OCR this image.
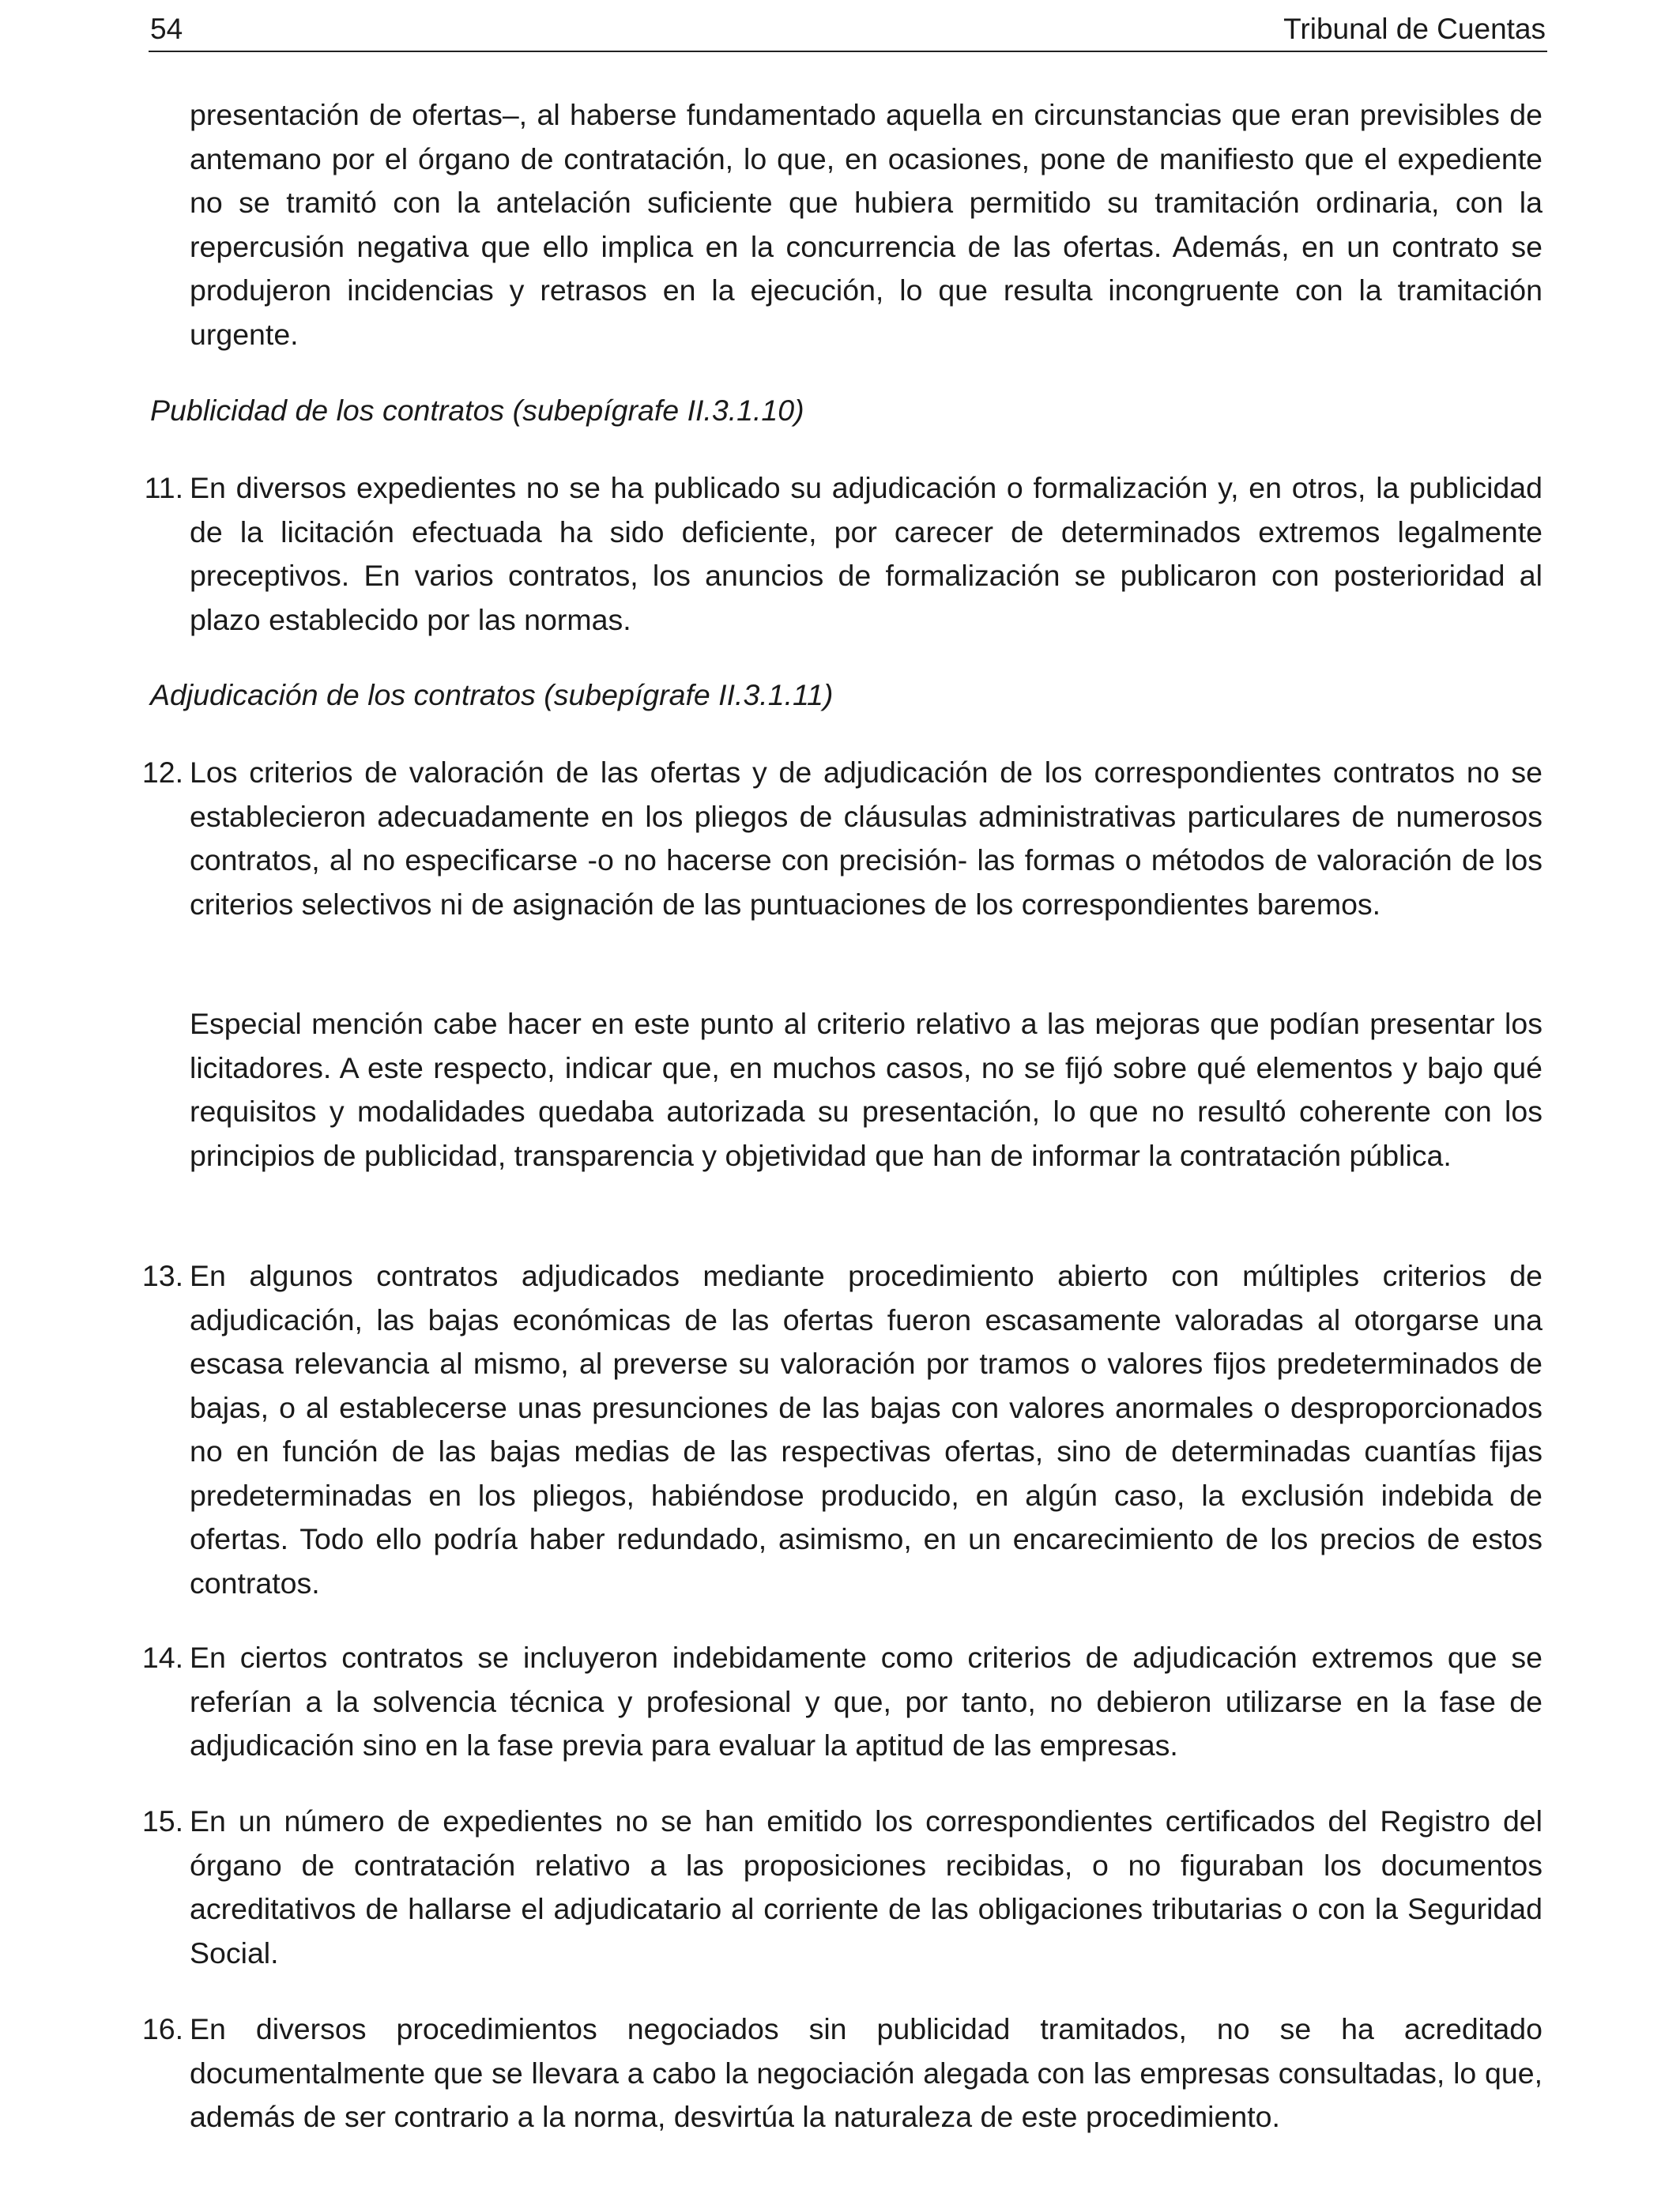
54	Tribunal de Cuentas
presentación de ofertas–, al haberse fundamentado aquella en circunstancias que eran previsibles de antemano por el órgano de contratación, lo que, en ocasiones, pone de manifiesto que el expediente no se tramitó con la antelación suficiente que hubiera permitido su tramitación ordinaria, con la repercusión negativa que ello implica en la concurrencia de las ofertas. Además, en un contrato se produjeron incidencias y retrasos en la ejecución, lo que resulta incongruente con la tramitación urgente.
Publicidad de los contratos (subepígrafe II.3.1.10)
11. En diversos expedientes no se ha publicado su adjudicación o formalización y, en otros, la publicidad de la licitación efectuada ha sido deficiente, por carecer de determinados extremos legalmente preceptivos. En varios contratos, los anuncios de formalización se publicaron con posterioridad al plazo establecido por las normas.
Adjudicación de los contratos (subepígrafe II.3.1.11)
12. Los criterios de valoración de las ofertas y de adjudicación de los correspondientes contratos no se establecieron adecuadamente en los pliegos de cláusulas administrativas particulares de numerosos contratos, al no especificarse -o no hacerse con precisión- las formas o métodos de valoración de los criterios selectivos ni de asignación de las puntuaciones de los correspondientes baremos.
Especial mención cabe hacer en este punto al criterio relativo a las mejoras que podían presentar los licitadores. A este respecto, indicar que, en muchos casos, no se fijó sobre qué elementos y bajo qué requisitos y modalidades quedaba autorizada su presentación, lo que no resultó coherente con los principios de publicidad, transparencia y objetividad que han de informar la contratación pública.
13. En algunos contratos adjudicados mediante procedimiento abierto con múltiples criterios de adjudicación, las bajas económicas de las ofertas fueron escasamente valoradas al otorgarse una escasa relevancia al mismo, al preverse su valoración por tramos o valores fijos predeterminados de bajas, o al establecerse unas presunciones de las bajas con valores anormales o desproporcionados no en función de las bajas medias de las respectivas ofertas, sino de determinadas cuantías fijas predeterminadas en los pliegos, habiéndose producido, en algún caso, la exclusión indebida de ofertas. Todo ello podría haber redundado, asimismo, en un encarecimiento de los precios de estos contratos.
14. En ciertos contratos se incluyeron indebidamente como criterios de adjudicación extremos que se referían a la solvencia técnica y profesional y que, por tanto, no debieron utilizarse en la fase de adjudicación sino en la fase previa para evaluar la aptitud de las empresas.
15. En un número de expedientes no se han emitido los correspondientes certificados del Registro del órgano de contratación relativo a las proposiciones recibidas, o no figuraban los documentos acreditativos de hallarse el adjudicatario al corriente de las obligaciones tributarias o con la Seguridad Social.
16. En diversos procedimientos negociados sin publicidad tramitados, no se ha acreditado documentalmente que se llevara a cabo la negociación alegada con las empresas consultadas, lo que, además de ser contrario a la norma, desvirtúa la naturaleza de este procedimiento.
